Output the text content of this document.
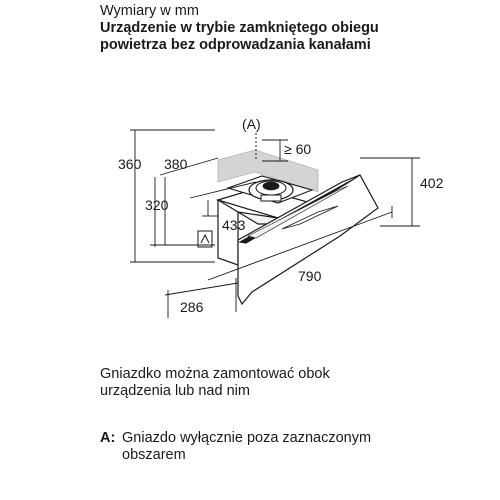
Wymiary w mm
Urządzenie w trybie zamkniętego obiegu
powietrza bez odprowadzania kanałami
(A)
≥ 60
360 380
320
433
402
790
286
Gniazdko można zamontować obok
urządzenia lub nad nim
A: Gniazdo wyłącznie poza zaznaczonym
obszarem
